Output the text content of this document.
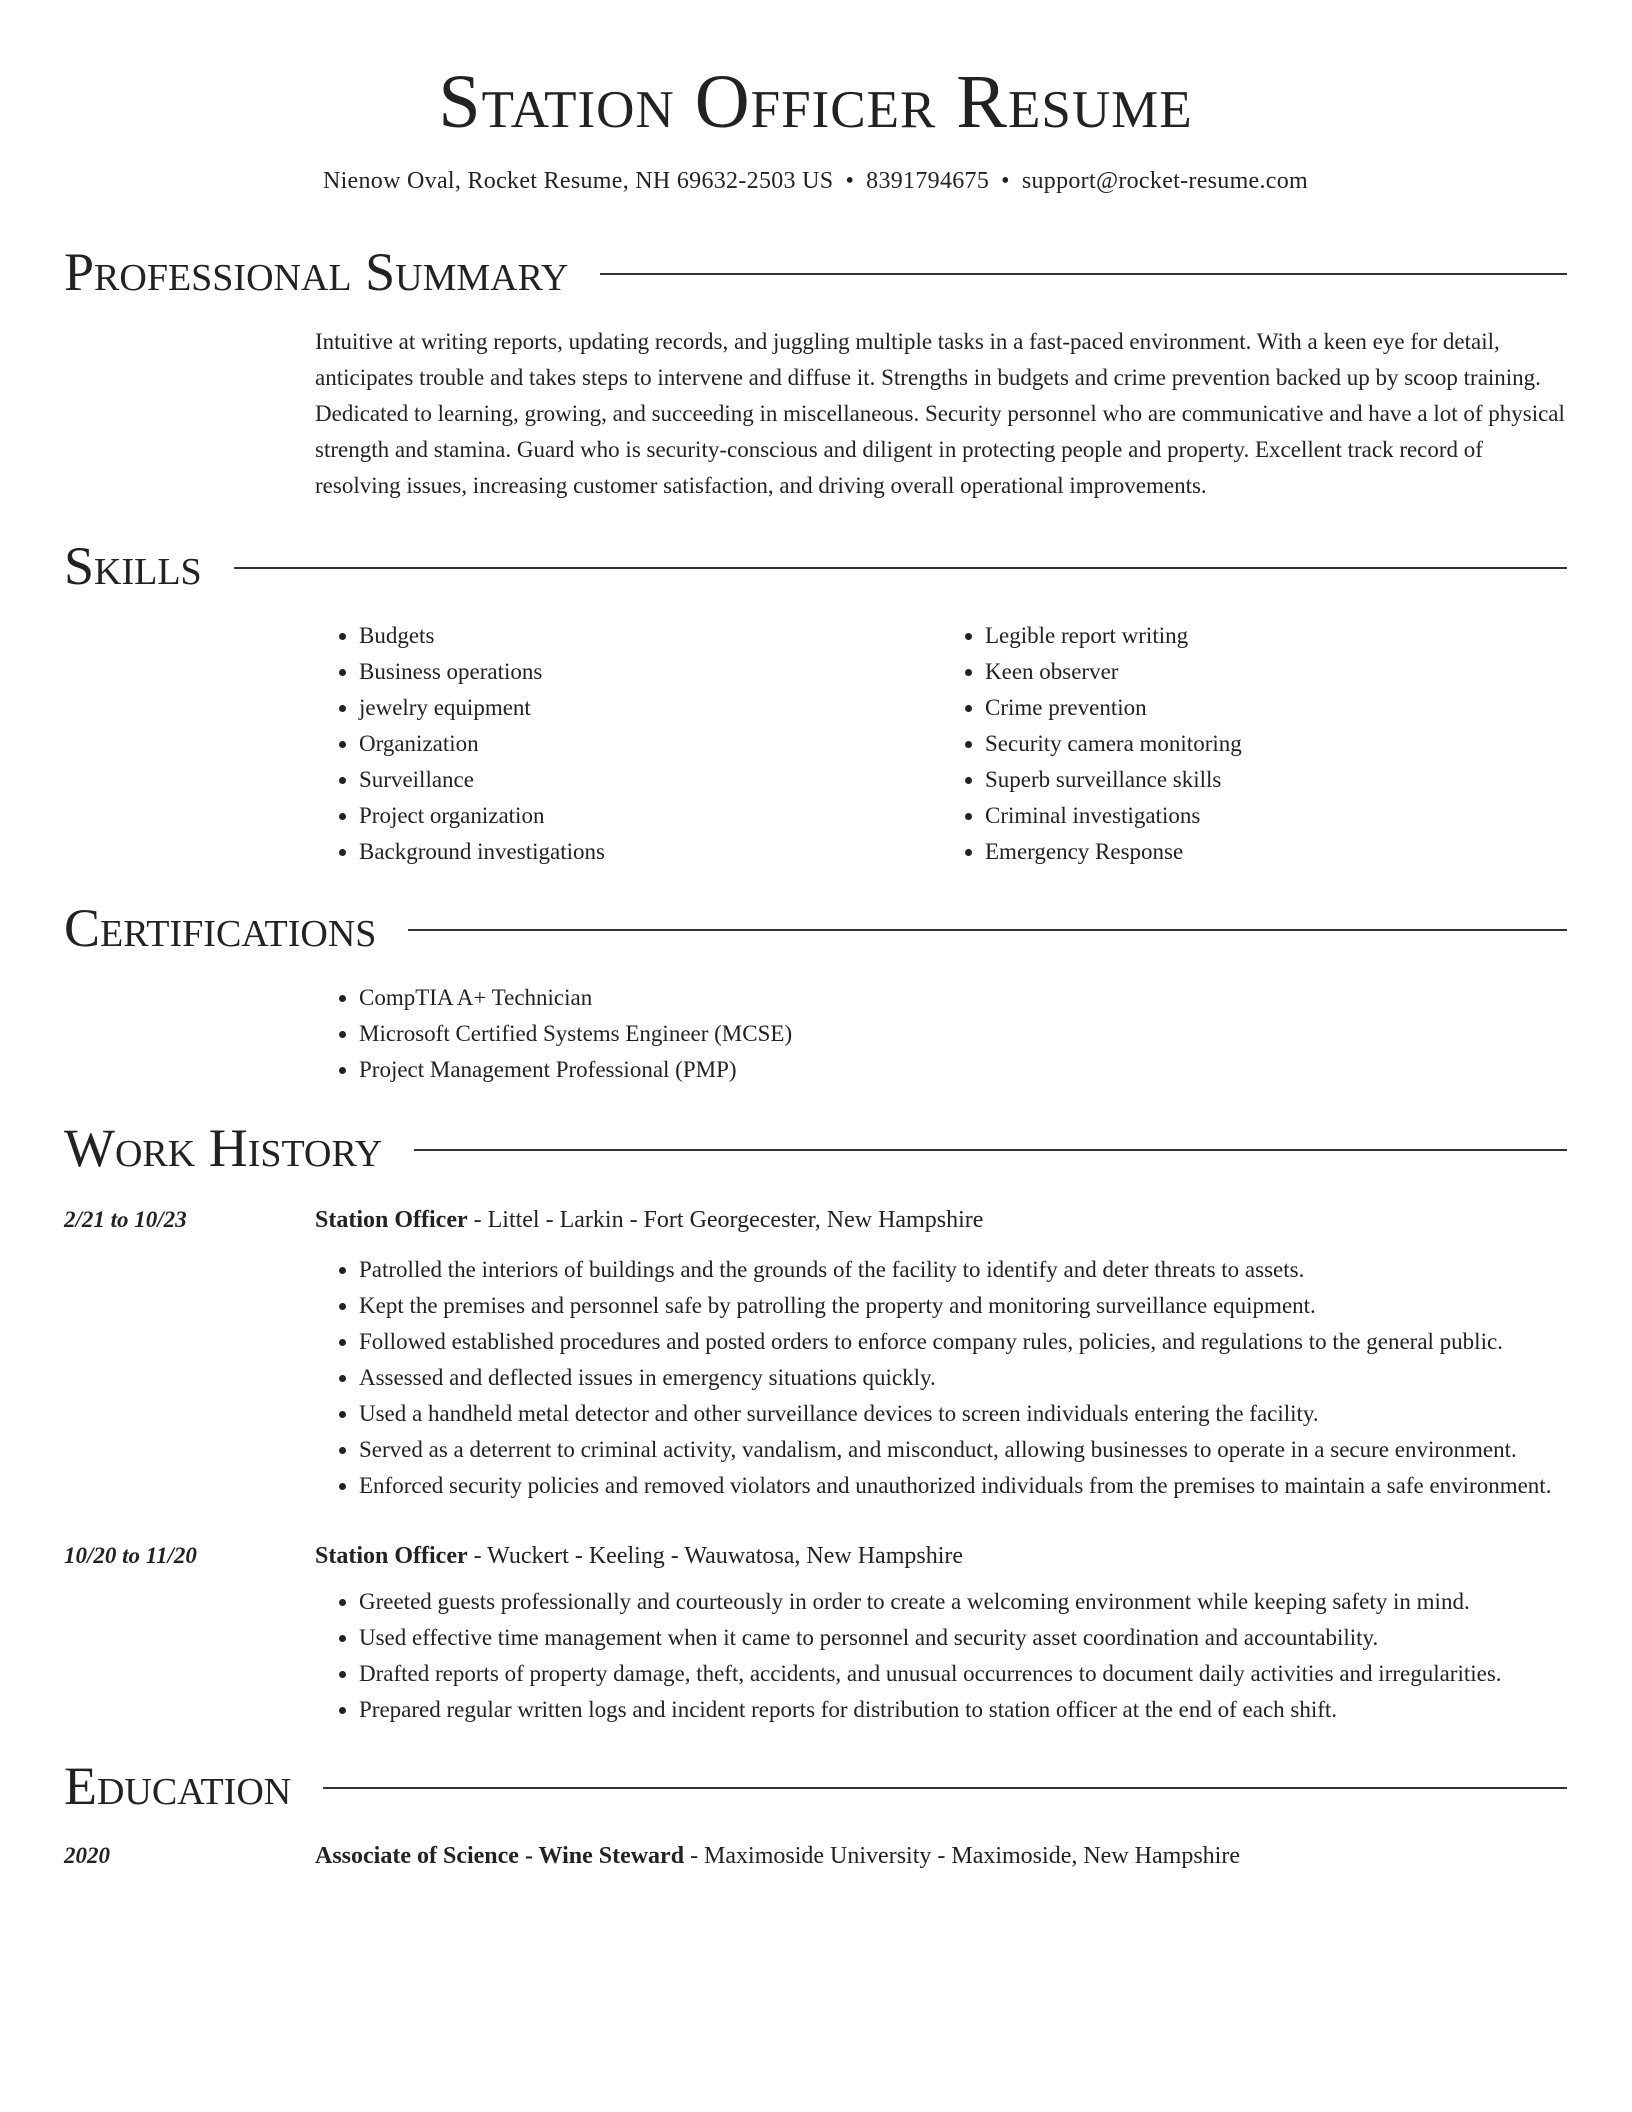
Station Officer Resume
Nienow Oval, Rocket Resume, NH 69632-2503 US • 8391794675 • support@rocket-resume.com
Professional Summary
Intuitive at writing reports, updating records, and juggling multiple tasks in a fast-paced environment. With a keen eye for detail, anticipates trouble and takes steps to intervene and diffuse it. Strengths in budgets and crime prevention backed up by scoop training. Dedicated to learning, growing, and succeeding in miscellaneous. Security personnel who are communicative and have a lot of physical strength and stamina. Guard who is security-conscious and diligent in protecting people and property. Excellent track record of resolving issues, increasing customer satisfaction, and driving overall operational improvements.
Skills
• Budgets
• Business operations
• jewelry equipment
• Organization
• Surveillance
• Project organization
• Background investigations
• Legible report writing
• Keen observer
• Crime prevention
• Security camera monitoring
• Superb surveillance skills
• Criminal investigations
• Emergency Response
Certifications
• CompTIA A+ Technician
• Microsoft Certified Systems Engineer (MCSE)
• Project Management Professional (PMP)
Work History
2/21 to 10/23	Station Officer - Littel - Larkin - Fort Georgecester, New Hampshire
• Patrolled the interiors of buildings and the grounds of the facility to identify and deter threats to assets.
• Kept the premises and personnel safe by patrolling the property and monitoring surveillance equipment.
• Followed established procedures and posted orders to enforce company rules, policies, and regulations to the general public.
• Assessed and deflected issues in emergency situations quickly.
• Used a handheld metal detector and other surveillance devices to screen individuals entering the facility.
• Served as a deterrent to criminal activity, vandalism, and misconduct, allowing businesses to operate in a secure environment.
• Enforced security policies and removed violators and unauthorized individuals from the premises to maintain a safe environment.
10/20 to 11/20	Station Officer - Wuckert - Keeling - Wauwatosa, New Hampshire
• Greeted guests professionally and courteously in order to create a welcoming environment while keeping safety in mind.
• Used effective time management when it came to personnel and security asset coordination and accountability.
• Drafted reports of property damage, theft, accidents, and unusual occurrences to document daily activities and irregularities.
• Prepared regular written logs and incident reports for distribution to station officer at the end of each shift.
Education
2020	Associate of Science - Wine Steward - Maximoside University - Maximoside, New Hampshire
